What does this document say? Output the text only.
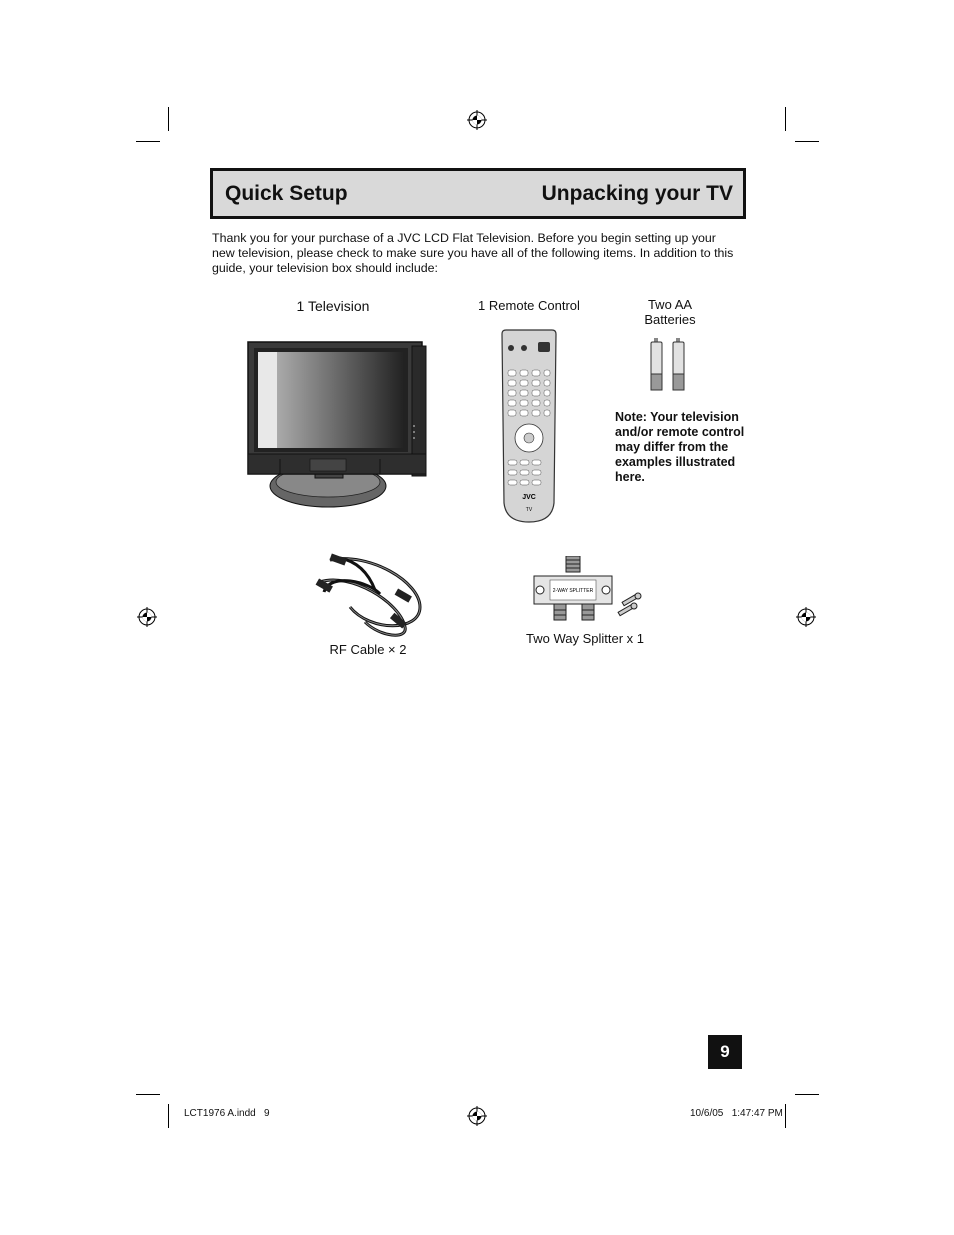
Quick Setup	Unpacking your TV
Thank you for your purchase of a JVC LCD Flat Television. Before you begin setting up your new television, please check to make sure you have all of the following items. In addition to this guide, your television box should include:
1 Television	1 Remote Control	Two AA
Batteries
JVC
TV
Note: Your television and/or remote control may differ from the examples illustrated here.
RF Cable × 2
2-WAY SPLITTER
Two Way Splitter x 1
9
LCT1976 A.indd   9	10/6/05   1:47:47 PM
